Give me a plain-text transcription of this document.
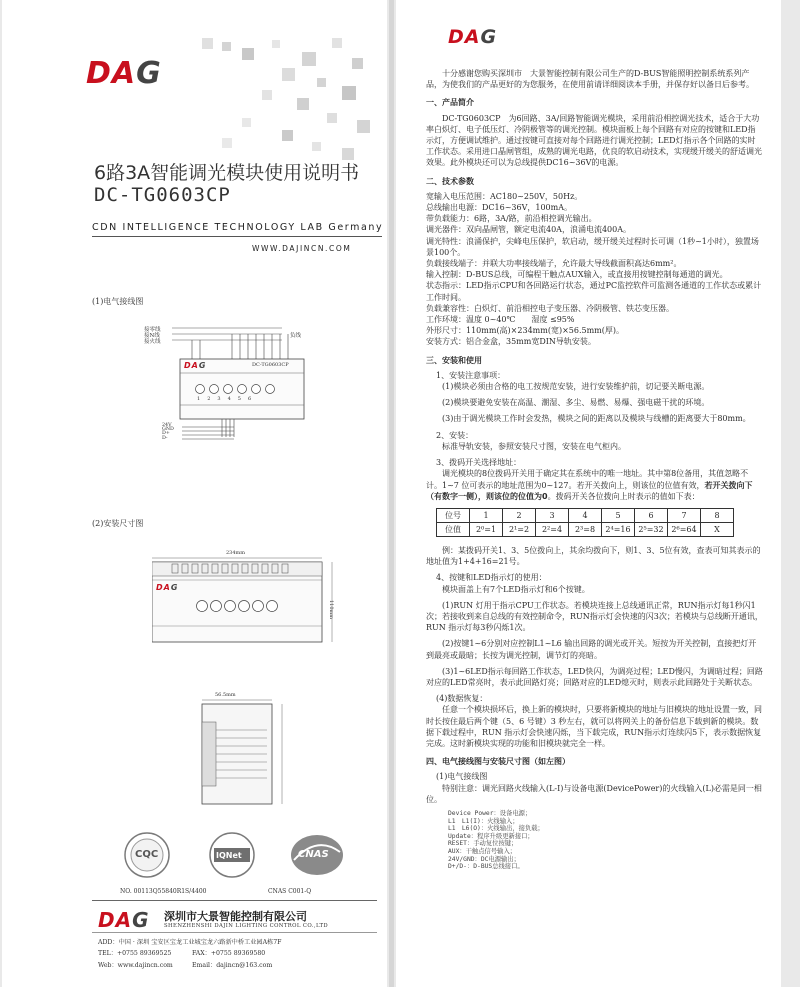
DAG
6路3A智能调光模块使用说明书
DC-TG0603CP
CDN INTELLIGENCE TECHNOLOGY LAB Germany
WWW.DAJINCN.COM
(1)电气接线图
接零线
接N线
接火线
负线
DAG	DC-TG0603CP
123456
24V
GND
D+
D-
(2)安装尺寸图
234mm
110mm
DAG
56.5mm
CQC	IQNet	CNAS
NO. 00113Q55840R1S/4400	CNAS C001-Q
DAG 深圳市大景智能控制有限公司
SHENZHENSHI DAJIN LIGHTING CONTROL CO.,LTD
ADD：中国 · 深圳 宝安区宝龙工业城宝龙六路新中桥工业园A栋7F
TEL：+0755 89369525	FAX：+0755 89369580
Web：www.dajincn.com	Email：dajincn@163.com
DAG

十分感谢您购买深圳市　大景智能控制有限公司生产的D-BUS智能照明控制系统系列产品，为使我们的产品更好的为您服务，在使用前请详细阅读本手册，并保存好以备日后参考。

一、产品简介

DC-TG0603CP　为6回路、3A/回路智能调光模块，采用前沿相控调光技术，适合于大功率白炽灯、电子低压灯、冷阴极管等的调光控制。模块面板上每个回路有对应的按键和LED指示灯，方便调试维护。通过按键可直接对每个回路进行调光控制；LED灯指示各个回路的实时工作状态。采用进口晶闸管组，成熟的调光电路，优良的软启动技术，实现缓开缓关的舒适调光效果。此外模块还可以为总线提供DC16~36V的电源。

二、技术参数

宽输入电压范围：AC180~250V，50Hz。

总线输出电源：DC16~36V，100mA。

带负载能力：6路，3A/路，前沿相控调光输出。

调光器件：双向晶闸管，额定电流40A，浪涌电流400A。

调光特性：浪涌保护，尖峰电压保护，软启动，缓开缓关过程时长可调（1秒~1小时），独置场景100个。

负载接线端子：并联大功率接线端子，允许最大导线截面积高达6mm²。

输入控制：D-BUS总线，可编程干触点AUX输入，或直接用按键控制每通道的调光。

状态指示：LED指示CPU和各回路运行状态，通过PC监控软件可监测各通道的工作状态或累计工作时间。

负载兼容性：白炽灯、前沿相控电子变压器、冷阴极管、铁芯变压器。

工作环境：温度 0~40℃　　湿度 ≤95%

外形尺寸：110mm(高)×234mm(宽)×56.5mm(厚)。

安装方式：铝合金盒，35mm宽DIN导轨安装。

三、安装和使用

1、安装注意事项：

(1)模块必须由合格的电工按规范安装，进行安装维护前，切记要关断电源。

(2)模块要避免安装在高温、潮湿、多尘、易燃、易爆、强电磁干扰的环境。

(3)由于调光模块工作时会发热，模块之间的距离以及模块与线槽的距离要大于80mm。

2、安装：

标准导轨安装，参照安装尺寸图，安装在电气柜内。

3、拨码开关选择地址：

调光模块的8位拨码开关用于确定其在系统中的唯一地址。其中第8位备用，其值忽略不计。1~7 位可表示的地址范围为0~127。若开关拨向上，则该位的位值有效，若开关拨向下（有数字一侧），则该位的位值为0。拨码开关各位拨向上时表示的值如下表：

位号	1	2	3	4	5	6	7	8
位值	2⁰=1	2¹=2	2²=4	2³=8	2⁴=16	2⁵=32	2⁶=64	X

例：某拨码开关1、3、5位拨向上，其余均拨向下，则1、3、5位有效，查表可知其表示的地址值为1+4+16=21号。

4、按键和LED指示灯的使用：

模块面盖上有7个LED指示灯和6个按键。

(1)RUN 灯用于指示CPU工作状态。若模块连接上总线通讯正常，RUN指示灯每1秒闪1次；若接收到来自总线的有效控制命令，RUN指示灯会快速的闪3次；若模块与总线断开通讯，RUN 指示灯每3秒闪烁1次。

(2)按键1~6分别对应控制L1~L6 输出回路的调光或开关。短按为开关控制，直接把灯开到最亮或最暗；长按为调光控制，调节灯的亮暗。

(3)1~6LED指示每回路工作状态，LED快闪，为调亮过程；LED慢闪，为调暗过程；回路对应的LED常亮时，表示此回路灯亮；回路对应的LED熄灭时，则表示此回路处于关断状态。

(4)数据恢复：

任意一个模块损坏后，换上新的模块时，只要将新模块的地址与旧模块的地址设置一致，同时长按住最后两个键（5、6 号键）3 秒左右，就可以将网关上的备份信息下载到新的模块。数据下载过程中，RUN 指示灯会快速闪烁，当下载完成，RUN指示灯连续闪5下，表示数据恢复完成。这时新模块实现的功能和旧模块就完全一样。

四、电气接线图与安装尺寸图（如左图）

(1)电气接线图

特别注意：调光回路火线输入(L-I)与设备电源(DevicePower)的火线输入(L)必需是同一相位。

Device Power：设备电源；
L1　L1(I)：火线输入；
L1　L6(O)：火线输出，接负载；
Update：程序升级更新接口；
RESET：手动复位按键；
AUX：干触点信号输入；
24V/GND：DC电源输出；
D+/D-：D-BUS总线接口。
